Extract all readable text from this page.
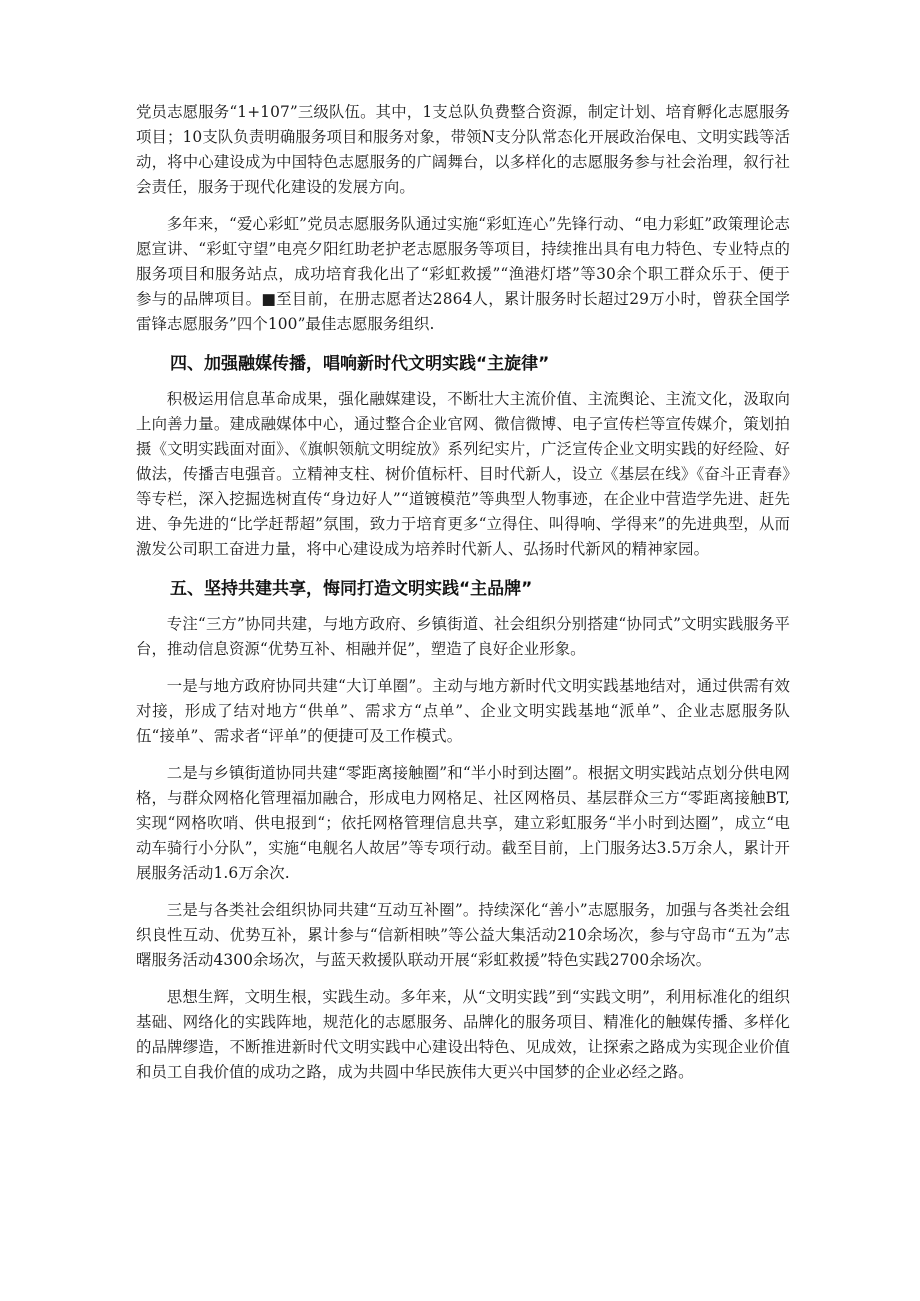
党员志愿服务“1+107”三级队伍。其中，1支总队负费整合资源，制定计划、培育孵化志愿服务项目；10支队负责明确服务项目和服务对象，带领N支分队常态化开展政治保电、文明实践等活动，将中心建设成为中国特色志愿服务的广阔舞台，以多样化的志愿服务参与社会治理，叙行社会责任，服务于现代化建设的发展方向。

多年来，“爱心彩虹”党员志愿服务队通过实施“彩虹连心”先锋行动、“电力彩虹”政策理论志愿宣讲、“彩虹守望”电亮夕阳红助老护老志愿服务等项目，持续推出具有电力特色、专业特点的服务项目和服务站点，成功培育我化出了“彩虹救援”“渔港灯塔”等30余个职工群众乐于、便于参与的品牌项目。■至目前，在册志愿者达2864人，累计服务时长超过29万小时，曾获全国学雷锋志愿服务”四个100”最佳志愿服务组织.

四、加强融媒传播，唱响新时代文明实践“主旋律”

积极运用信息革命成果，强化融媒建设，不断壮大主流价值、主流舆论、主流文化，汲取向上向善力量。建成融媒体中心，通过整合企业官网、微信微博、电子宣传栏等宣传媒介，策划拍摄《文明实践面对面》、《旗帜领航文明绽放》系列纪实片，广泛宣传企业文明实践的好经险、好做法，传播吉电强音。立精神支柱、树价值标杆、目时代新人，设立《基层在线》《奋斗正青春》等专栏，深入挖掘选树直传“身边好人”“道镀模范”等典型人物事迹，在企业中营造学先进、赶先进、争先进的“比学赶帮超”氛围，致力于培育更多“立得住、叫得响、学得来”的先进典型，从而激发公司职工奋进力量，将中心建设成为培养时代新人、弘扬时代新风的精神家园。

五、坚持共建共享，悔同打造文明实践“主品牌”

专注“三方”协同共建，与地方政府、乡镇街道、社会组织分别搭建“协同式”文明实践服务平台，推动信息资源“优势互补、相融并促”，塑造了良好企业形象。

一是与地方政府协同共建“大订单圈”。主动与地方新时代文明实践基地结对，通过供需有效对接，形成了结对地方“供单”、需求方“点单”、企业文明实践基地“派单”、企业志愿服务队伍“接单”、需求者“评单”的便捷可及工作模式。

二是与乡镇街道协同共建“零距离接触圈”和“半小时到达圈”。根据文明实践站点划分供电网格，与群众网格化管理福加融合，形成电力网格足、社区网格员、基层群众三方“零距离接触BT,实现“网格吹哨、供电报到“；依托网格管理信息共享，建立彩虹服务“半小时到达圈”，成立“电动车骑行小分队”，实施“电舰名人故居”等专项行动。截至目前，上门服务达3.5万余人，累计开展服务活动1.6万余次.

三是与各类社会组织协同共建“互动互补圈”。持续深化“善小”志愿服务，加强与各类社会组织良性互动、优势互补，累计参与“信新相映”等公益大集活动210余场次，参与守岛市“五为”志曙服务活动4300余场次，与蓝天救援队联动开展“彩虹救援”特色实践2700余场次。

思想生辉，文明生根，实践生动。多年来，从“文明实践”到“实践文明”，利用标准化的组织基础、网络化的实践阵地，规范化的志愿服务、品牌化的服务项目、精准化的触媒传播、多样化的品牌缪造，不断推进新时代文明实践中心建设出特色、见成效，让探索之路成为实现企业价值和员工自我价值的成功之路，成为共圆中华民族伟大更兴中国梦的企业必经之路。
